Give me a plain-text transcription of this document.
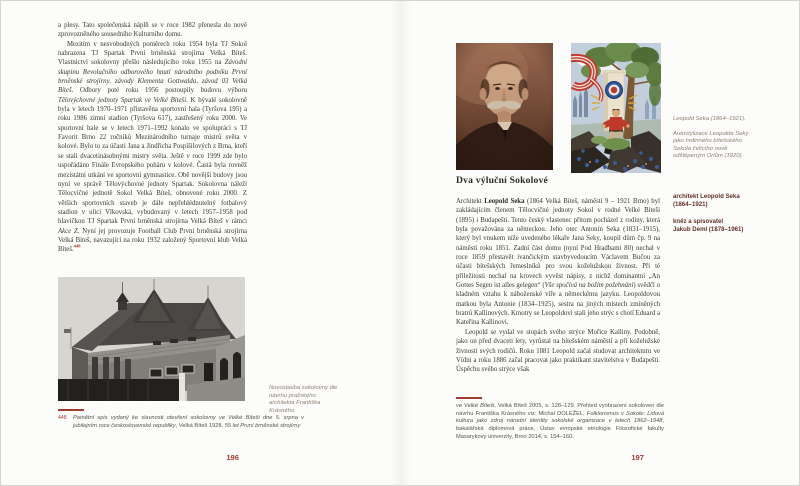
a plesy. Tato společenská náplň se v roce 1982 přenesla do nově zprovozněného sousedního Kulturního domu.

Mezitím v nesvobodných poměrech roku 1954 byla TJ Sokol nahrazena TJ Spartak První brněnská strojírna Velká Bíteš. Vlastnictví sokolovny přešlo následujícího roku 1955 na Závodní skupinu Revolučního odborového hnutí národního podniku První brněnské strojírny, závody Klementa Gottwalda, závod 03 Velká Bíteš. Odbory poté roku 1956 postoupily budovu výboru Tělovýchovné jednoty Spartak ve Velké Bíteši. K bývalé sokolovně byla v letech 1970–1971 přistavěna sportovní hala (Tyršova 195) a roku 1986 zimní stadion (Tyršova 617), zastřešený roku 2000. Ve sportovní hale se v letech 1971–1992 konalo ve spolupráci s TJ Favorit Brno 22 ročníků Mezinárodního turnaje mistrů světa v kolové. Bylo to za účasti Jana a Jindřicha Pospíšilových z Brna, kteří se stali dvacetinásobnými mistry světa. Ještě v roce 1999 zde bylo uspořádáno Finále Evropského poháru v kolové. Častá byla rovněž mezistátní utkání ve sportovní gymnastice. Obě novější budovy jsou nyní ve správě Tělovýchovné jednoty Spartak. Sokolovna náleží Tělocvičné jednotě Sokol Velká Bíteš, obnovené roku 2000. Z větších sportovních staveb je dále nepřehlédnutelný fotbalový stadion v ulici Vlkovská, vybudovaný v letech 1957–1958 pod hlavičkou TJ Spartak První brněnská strojírna Velká Bíteš v rámci Akce Z. Nyní jej provozuje Football Club První brněnská strojírna Velká Bíteš, navazující na roku 1932 založený Sportovní klub Velká Bíteš.$^{448}$

Novostavba sokolovny dle návrhu pražského architekta Františka Krásného.
448	Pamětní spis vydaný ke slavnosti otevření sokolovny ve Velké Bíteši dne 5. srpna v jubilejním roce československé republiky, Velká Bíteš 1928. 55 let První brněnské strojírny
196

Leopold Seka (1864–1921).

Autostylizace Leopolda Seky jako hrdinného bítešského Sokola čelícího nově odštěpeným Orlům (1920).

Dva výluční Sokolové

Architekt Leopold Seka (1864 Velká Bíteš, náměstí 9 – 1921 Brno) byl zakládajícím členem Tělocvičné jednoty Sokol v rodné Velké Bíteši (1895) i Budapešti. Tento český vlastenec přitom pocházel z rodiny, která byla považována za německou. Jeho otec Antonín Seka (1831–1915), který byl vnukem níže uvedeného lékaře Jana Seky, koupil dům čp. 9 na náměstí roku 1851. Zadní část domu (nyní Pod Hradbami 80) nechal v roce 1859 přestavět ivančickým stavbyvedoucím Václavem Bučou za účasti bítešských řemeslníků pro svou koželužskou živnost. Při té příležitosti nechal na krovech vyvěst nápisy, z nichž dominantní „An Gottes Segen ist alles gelegen“ (Vše spočívá na božím požehnání) svědčí o kladném vztahu k náboženské víře a německému jazyku. Leopoldovou matkou byla Antonie (1834–1925), sestra na jiných místech zmíněných bratrů Kallinových. Kmotry se Leopoldovi stali jeho strýc s chotí Eduard a Kateřina Kallinovi.

Leopold se vydal ve stopách svého strýce Mořice Kalliny. Podobně, jako on před dvaceti lety, vyrůstal na bítešském náměstí a při koželužské živnosti svých rodičů. Roku 1881 Leopold začal studovat architekturu ve Vídni a roku 1886 začal pracovat jako praktikant stavitelstva v Budapešti. Úspěchu svého strýce však

architekt Leopold Seka
(1864–1921)
kněz a spisovatel
Jakub Deml (1878–1961)
ve Velké Bíteši, Velká Bíteš 2005, s. 128–129. Přehled vyobrazení sokoloven dle návrhu Františka Krásného viz: Michal DOLEŽEL, Folklorismus v Sokole: Lidová kultura jako zdroj národní identity sokolské organizace v letech 1862–1948, bakalářská diplomová práce, Ústav evropské etnologie Filozofické fakulty Masarykovy univerzity, Brno 2014, s. 154–160.
197
